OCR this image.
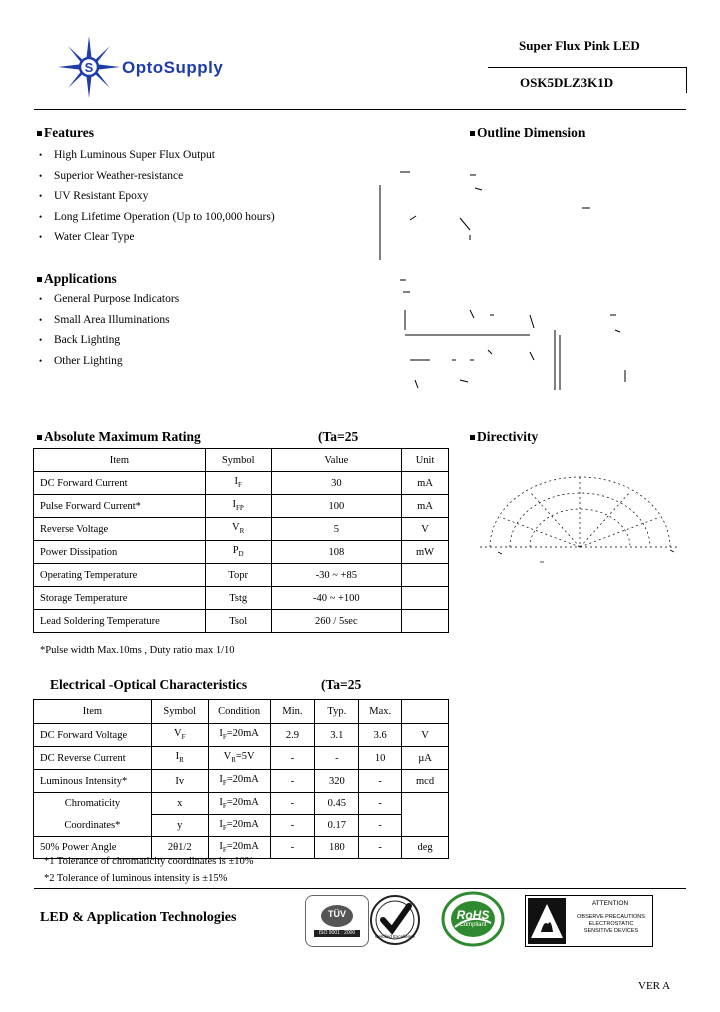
S OptoSupply
Super Flux Pink LED
OSK5DLZ3K1D
Features
• High Luminous Super Flux Output
• Superior Weather-resistance
• UV Resistant Epoxy
• Long Lifetime Operation (Up to 100,000 hours)
• Water Clear Type
Outline Dimension
Applications
• General Purpose Indicators
• Small Area Illuminations
• Back Lighting
• Other Lighting
Absolute Maximum Rating	(Ta=25
Item	Symbol	Value	Unit
DC Forward Current	$I_F$	30	mA
Pulse Forward Current*	$I_{FP}$	100	mA
Reverse Voltage	$V_R$	5	V
Power Dissipation	$P_D$	108	mW
Operating Temperature	Topr	-30 ~ +85	
Storage Temperature	Tstg	-40 ~ +100	
Lead Soldering Temperature	Tsol	260 / 5sec	
*Pulse width Max.10ms , Duty ratio max 1/10
Directivity
Electrical -Optical Characteristics	(Ta=25
Item	Symbol	Condition	Min.	Typ.	Max.	
DC Forward Voltage	$V_F$	$I_F=20mA$	2.9	3.1	3.6	V
DC Reverse Current	$I_R$	$V_R=5V$	-	-	10	µA
Luminous Intensity*	Iv	$I_F=20mA$	-	320	-	mcd
Chromaticity	x	$I_F=20mA$	-	0.45	-	
Coordinates*	y	$I_F=20mA$	-	0.17	-	
50% Power Angle	2θ1/2	$I_F=20mA$	-	180	-	deg
*1 Tolerance of chromaticity coordinates is ±10%
*2 Tolerance of luminous intensity is ±15%
LED & Application Technologies	TÜV
ISO 9001 : 2000
Certified Excellence
RoHS
Compliant
ATTENTION
OBSERVE PRECAUTIONS
ELECTROSTATIC
SENSITIVE DEVICES
VER A
